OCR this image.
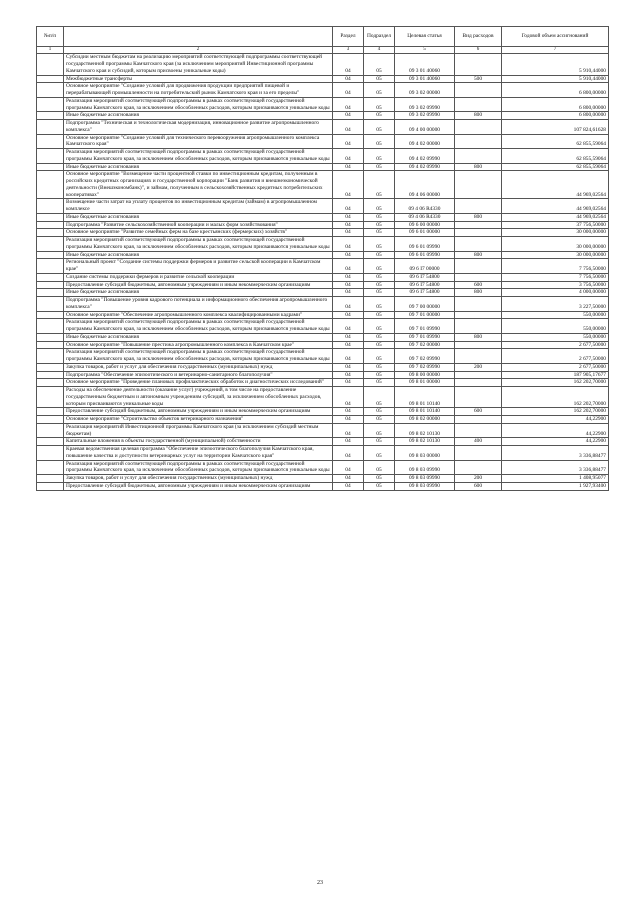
№п/п		Раздел	Подраздел	Целевая статья	Вид расходов	Годовой объем ассигнований
1	2	3	4	5	6	7
	Субсидии местным бюджетам на реализацию мероприятий соответствующей подпрограммы соответствующей государственной программы Камчатского края (за исключением мероприятий Инвестиционной программы Камчатского края и субсидий, которым присвоены уникальные коды)	04	05	09 3 01 40060		5 910,44000
	Межбюджетные трансферты	04	05	09 3 01 40060	500	5 910,44000
	Основное мероприятие "Создание условий для продвижения продукции предприятий пищевой и перерабатывающей промышленности на потребительский рынок Камчатского края и за его пределы"	04	05	09 3 02 00000		6 800,00000
	Реализация мероприятий соответствующей подпрограммы в рамках соответствующей государственной программы Камчатского края, за исключением обособленных расходов, которым присваиваются уникальные коды	04	05	09 3 02 09990		6 800,00000
	Иные бюджетные ассигнования	04	05	09 3 02 09990	800	6 800,00000
	Подпрограмма "Техническая и технологическая модернизация, инновационное развитие агропромышленного комплекса"	04	05	09 4 00 00000		107 824,61628
	Основное мероприятие "Создание условий для технического перевооружения агропромышленного комплекса Камчатского края"	04	05	09 4 02 00000		62 855,59064
	Реализация мероприятий соответствующей подпрограммы в рамках соответствующей государственной программы Камчатского края, за исключением обособленных расходов, которым присваиваются уникальные коды	04	05	09 4 02 09990		62 855,59064
	Иные бюджетные ассигнования	04	05	09 4 02 09990	800	62 855,59064
	Основное мероприятие "Возмещение части процентной ставки по инвестиционным кредитам, полученным в российских кредитных организациях и государственной корпорации "Банк развития и внешнеэкономической деятельности (Внешэкономбанк)", и займам, полученным в сельскохозяйственных кредитных потребительских кооперативах"	04	05	09 4 06 00000		44 969,02564
	Возмещение части затрат на уплату процентов по инвестиционным кредитам (займам) в агропромышленном комплексе	04	05	09 4 06 R4330		44 969,02564
	Иные бюджетные ассигнования	04	05	09 4 06 R4330	800	44 969,02564
	Подпрограмма "Развитие сельскохозяйственной кооперации и малых форм хозяйствования"	04	05	09 6 00 00000		37 756,50000
	Основное мероприятие "Развитие семейных ферм на базе крестьянских (фермерских) хозяйств"	04	05	09 6 01 00000		30 000,00000
	Реализация мероприятий соответствующей подпрограммы в рамках соответствующей государственной программы Камчатского края, за исключением обособленных расходов, которым присваиваются уникальные коды	04	05	09 6 01 09990		30 000,00000
	Иные бюджетные ассигнования	04	05	09 6 01 09990	800	30 000,00000
	Региональный проект "Создание системы поддержки фермеров и развитие сельской кооперации в Камчатском крае"	04	05	09 6 I7 00000		7 756,50000
	Создание системы поддержки фермеров и развитие сельской кооперации	04	05	09 6 I7 54800		7 756,50000
	Предоставление субсидий бюджетным, автономным учреждениям и иным некоммерческим организациям	04	05	09 6 I7 54800	600	3 756,50000
	Иные бюджетные ассигнования	04	05	09 6 I7 54800	800	4 000,00000
	Подпрограмма "Повышение уровня кадрового потенциала и информационного обеспечения агропромышленного комплекса"	04	05	09 7 00 00000		3 227,50000
	Основное мероприятие "Обеспечение агропромышленного комплекса квалифицированными кадрами"	04	05	09 7 01 00000		550,00000
	Реализация мероприятий соответствующей подпрограммы в рамках соответствующей государственной программы Камчатского края, за исключением обособленных расходов, которым присваиваются уникальные коды	04	05	09 7 01 09990		550,00000
	Иные бюджетные ассигнования	04	05	09 7 01 09990	800	550,00000
	Основное мероприятие "Повышение престижа агропромышленного комплекса в Камчатском крае"	04	05	09 7 02 00000		2 677,50000
	Реализация мероприятий соответствующей подпрограммы в рамках соответствующей государственной программы Камчатского края, за исключением обособленных расходов, которым присваиваются уникальные коды	04	05	09 7 02 09990		2 677,50000
	Закупка товаров, работ и услуг для обеспечения государственных (муниципальных) нужд	04	05	09 7 02 09990	200	2 677,50000
	Подпрограмма "Обеспечение эпизоотического и ветеринарно-санитарного благополучия"	04	05	09 8 00 00000		187 905,17677
	Основное мероприятие "Проведение плановых профилактических обработок и диагностических исследований"	04	05	09 8 01 00000		162 202,70000
	Расходы на обеспечение деятельности (оказание услуг) учреждений, в том числе на предоставление государственным бюджетным и автономным учреждениям субсидий, за исключением обособленных расходов, которым присваиваются уникальные коды	04	05	09 8 01 10140		162 202,70000
	Предоставление субсидий бюджетным, автономным учреждениям и иным некоммерческим организациям	04	05	09 8 01 10140	600	162 202,70000
	Основное мероприятие "Строительство объектов ветеринарного назначения"	04	05	09 8 02 00000		44,22900
	Реализация мероприятий Инвестиционной программы Камчатского края (за исключением субсидий местным бюджетам)	04	05	09 8 02 10130		44,22900
	Капитальные вложения в объекты государственной (муниципальной) собственности	04	05	09 8 02 10130	400	44,22900
	Краевая ведомственная целевая программа "Обеспечение эпизоотического благополучия Камчатского края, повышение качества и доступности ветеринарных услуг на территории Камчатского края"	04	05	09 8 03 00000		3 336,88477
	Реализация мероприятий соответствующей подпрограммы в рамках соответствующей государственной программы Камчатского края, за исключением обособленных расходов, которым присваиваются уникальные коды	04	05	09 8 03 09990		3 336,88477
	Закупка товаров, работ и услуг для обеспечения государственных (муниципальных) нужд	04	05	09 8 03 09990	200	1 408,95077
	Предоставление субсидий бюджетным, автономным учреждениям и иным некоммерческим организациям	04	05	09 8 03 09990	600	1 927,93400
23
